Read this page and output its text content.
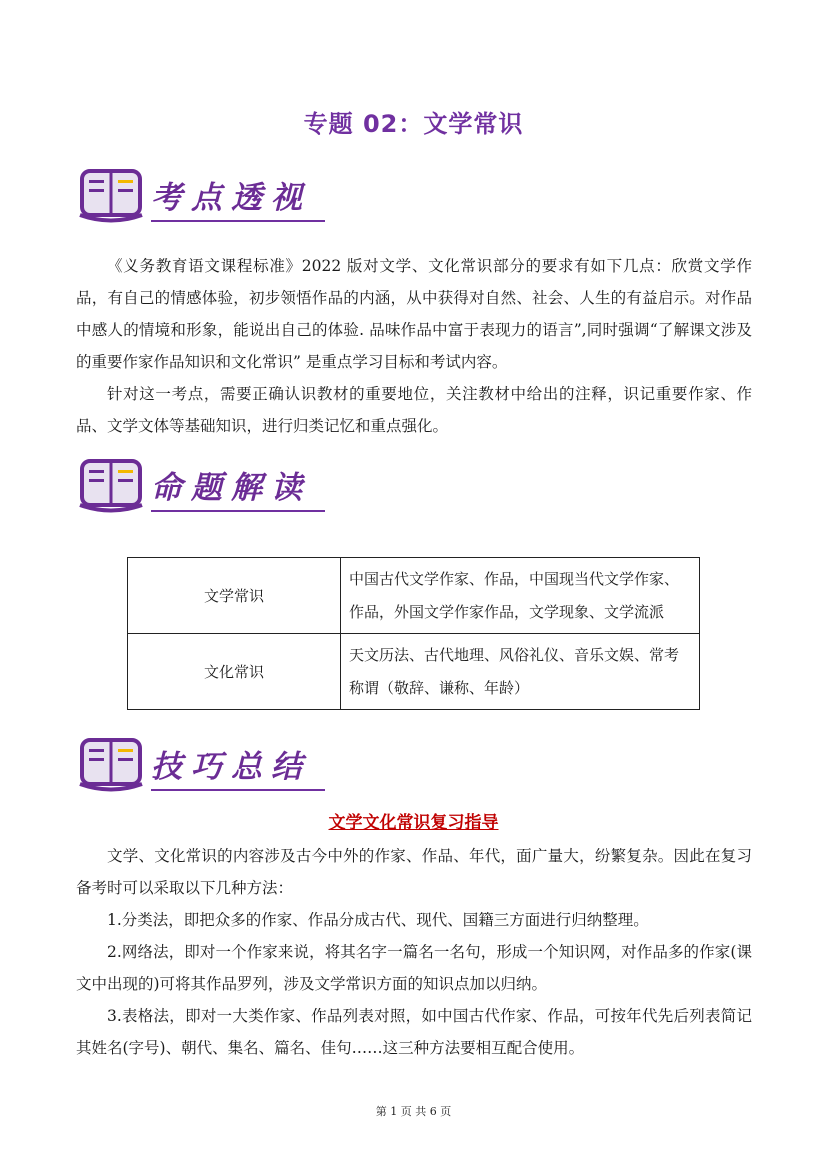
专题 02：文学常识
考点透视

《义务教育语文课程标准》2022 版对文学、文化常识部分的要求有如下几点：欣赏文学作品，有自己的情感体验，初步领悟作品的内涵，从中获得对自然、社会、人生的有益启示。对作品中感人的情境和形象，能说出自己的体验. 品味作品中富于表现力的语言”,同时强调“了解课文涉及的重要作家作品知识和文化常识” 是重点学习目标和考试内容。

针对这一考点，需要正确认识教材的重要地位，关注教材中给出的注释，识记重要作家、作品、文学文体等基础知识，进行归类记忆和重点强化。

命题解读
文学常识	中国古代文学作家、作品，中国现当代文学作家、作品，外国文学作家作品，文学现象、文学流派
文化常识	天文历法、古代地理、风俗礼仪、音乐文娱、常考称谓（敬辞、谦称、年龄）
技巧总结
文学文化常识复习指导

文学、文化常识的内容涉及古今中外的作家、作品、年代，面广量大，纷繁复杂。因此在复习备考时可以采取以下几种方法：

1.分类法，即把众多的作家、作品分成古代、现代、国籍三方面进行归纳整理。

2.网络法，即对一个作家来说，将其名字一篇名一名句，形成一个知识网，对作品多的作家(课文中出现的)可将其作品罗列，涉及文学常识方面的知识点加以归纳。

3.表格法，即对一大类作家、作品列表对照，如中国古代作家、作品，可按年代先后列表简记其姓名(字号)、朝代、集名、篇名、佳句……这三种方法要相互配合使用。

第 1 页 共 6 页
